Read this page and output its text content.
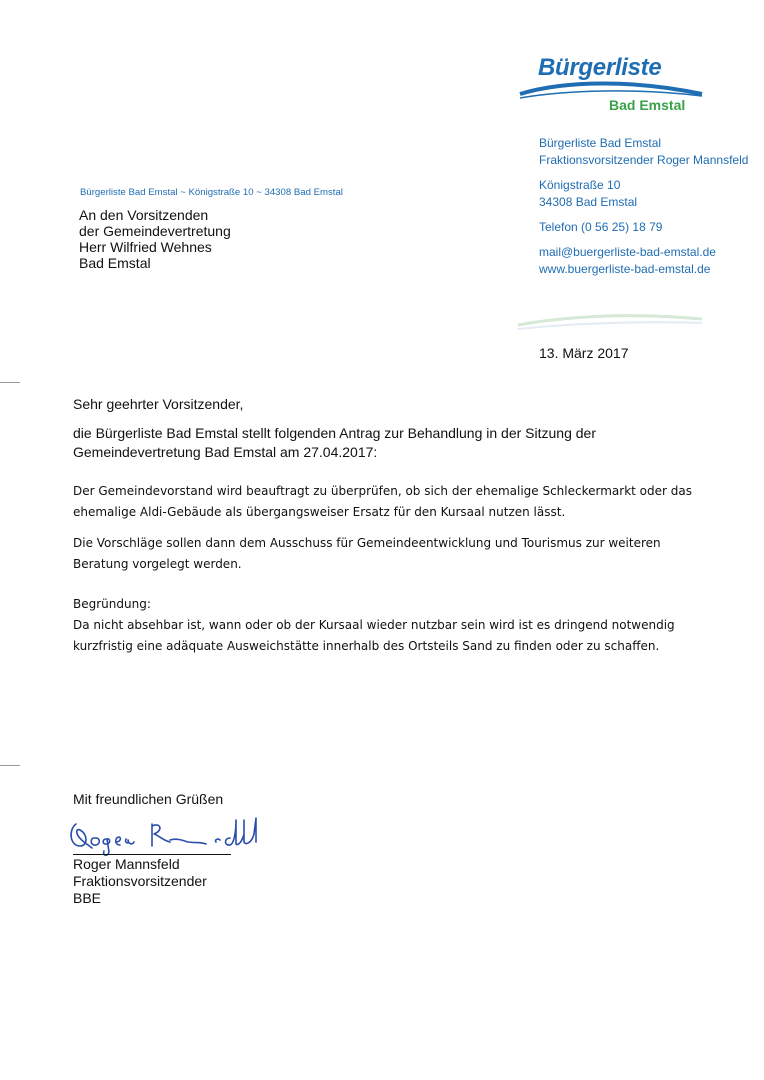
Bürgerliste
Bad Emstal
Bürgerliste Bad Emstal
Fraktionsvorsitzender Roger Mannsfeld
Königstraße 10
34308 Bad Emstal
Telefon (0 56 25) 18 79
mail@buergerliste-bad-emstal.de
www.buergerliste-bad-emstal.de
Bürgerliste Bad Emstal ~ Königstraße 10 ~ 34308 Bad Emstal
An den Vorsitzenden
der Gemeindevertretung
Herr Wilfried Wehnes
Bad Emstal
13. März 2017
Sehr geehrter Vorsitzender,
die Bürgerliste Bad Emstal stellt folgenden Antrag zur Behandlung in der Sitzung der
Gemeindevertretung Bad Emstal am 27.04.2017:
Der Gemeindevorstand wird beauftragt zu überprüfen, ob sich der ehemalige Schleckermarkt oder das
ehemalige Aldi-Gebäude als übergangsweiser Ersatz für den Kursaal nutzen lässt.
Die Vorschläge sollen dann dem Ausschuss für Gemeindeentwicklung und Tourismus zur weiteren
Beratung vorgelegt werden.
Begründung:
Da nicht absehbar ist, wann oder ob der Kursaal wieder nutzbar sein wird ist es dringend notwendig
kurzfristig eine adäquate Ausweichstätte innerhalb des Ortsteils Sand zu finden oder zu schaffen.
Mit freundlichen Grüßen
Roger Mannsfeld
Fraktionsvorsitzender
BBE
